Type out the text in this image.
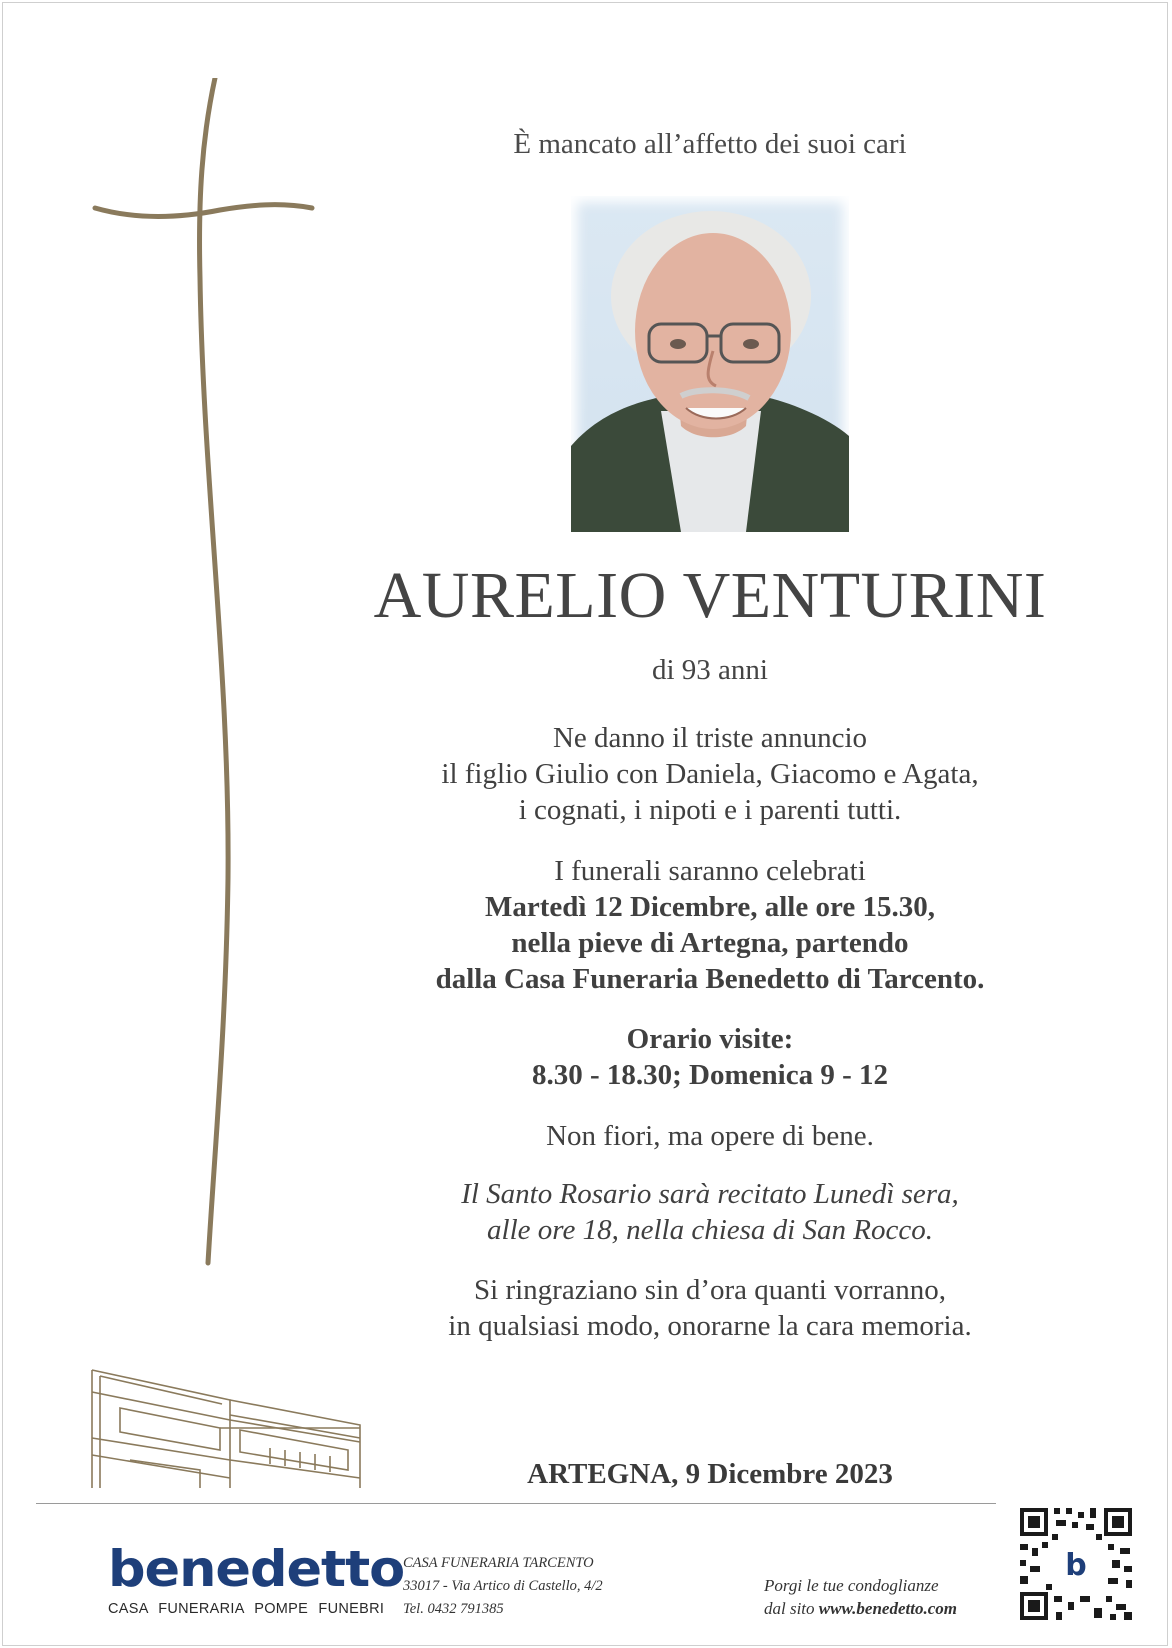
È mancato all’affetto dei suoi cari
AURELIO VENTURINI
di 93 anni
Ne danno il triste annuncio
il figlio Giulio con Daniela, Giacomo e Agata,
i cognati, i nipoti e i parenti tutti.
I funerali saranno celebrati
Martedì 12 Dicembre, alle ore 15.30,
nella pieve di Artegna, partendo
dalla Casa Funeraria Benedetto di Tarcento.
Orario visite:
8.30 - 18.30; Domenica 9 - 12
Non fiori, ma opere di bene.
Il Santo Rosario sarà recitato Lunedì sera,
alle ore 18, nella chiesa di San Rocco.
Si ringraziano sin d’ora quanti vorranno,
in qualsiasi modo, onorarne la cara memoria.
ARTEGNA, 9 Dicembre 2023
benedetto
CASA FUNERARIA POMPE FUNEBRI
CASA FUNERARIA TARCENTO
33017 - Via Artico di Castello, 4/2
Tel. 0432 791385
Porgi le tue condoglianze
dal sito www.benedetto.com
b
